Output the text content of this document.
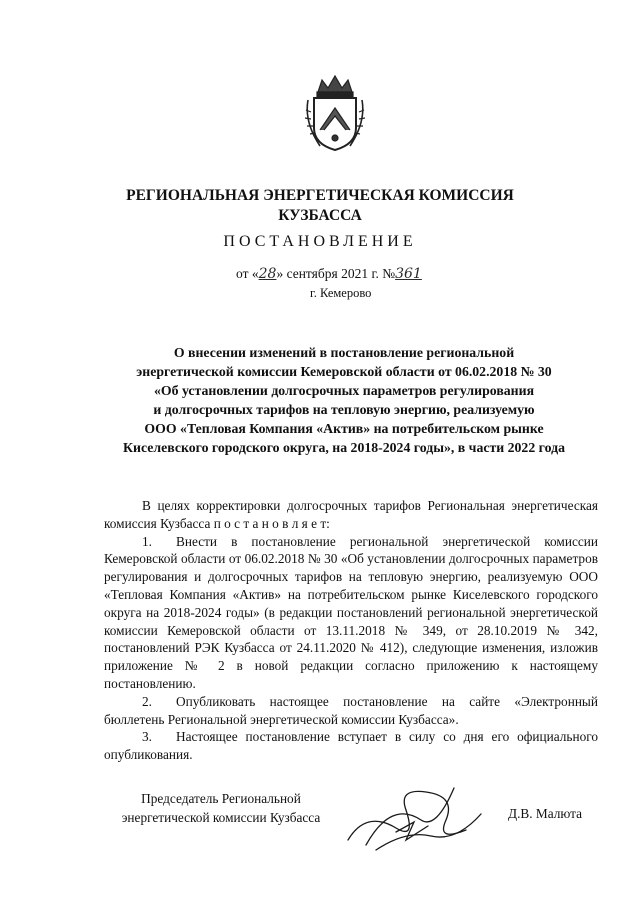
РЕГИОНАЛЬНАЯ ЭНЕРГЕТИЧЕСКАЯ КОМИССИЯ
КУЗБАССА
ПОСТАНОВЛЕНИЕ
от «28» сентября 2021 г. №361
г. Кемерово
О внесении изменений в постановление региональной
энергетической комиссии Кемеровской области от 06.02.2018 № 30
«Об установлении долгосрочных параметров регулирования
и долгосрочных тарифов на тепловую энергию, реализуемую
ООО «Тепловая Компания «Актив» на потребительском рынке
Киселевского городского округа, на 2018-2024 годы», в части 2022 года

В целях корректировки долгосрочных тарифов Региональная энергетическая комиссия Кузбасса п о с т а н о в л я е т:

1. Внести в постановление региональной энергетической комиссии Кемеровской области от 06.02.2018 № 30 «Об установлении долгосрочных параметров регулирования и долгосрочных тарифов на тепловую энергию, реализуемую ООО «Тепловая Компания «Актив» на потребительском рынке Киселевского городского округа на 2018-2024 годы» (в редакции постановлений региональной энергетической комиссии Кемеровской области от 13.11.2018 № 349, от 28.10.2019 № 342, постановлений РЭК Кузбасса от 24.11.2020 № 412), следующие изменения, изложив приложение № 2 в новой редакции согласно приложению к настоящему постановлению.

2. Опубликовать настоящее постановление на сайте «Электронный бюллетень Региональной энергетической комиссии Кузбасса».

3. Настоящее постановление вступает в силу со дня его официального опубликования.

Председатель Региональной
энергетической комиссии Кузбасса	Д.В. Малюта
